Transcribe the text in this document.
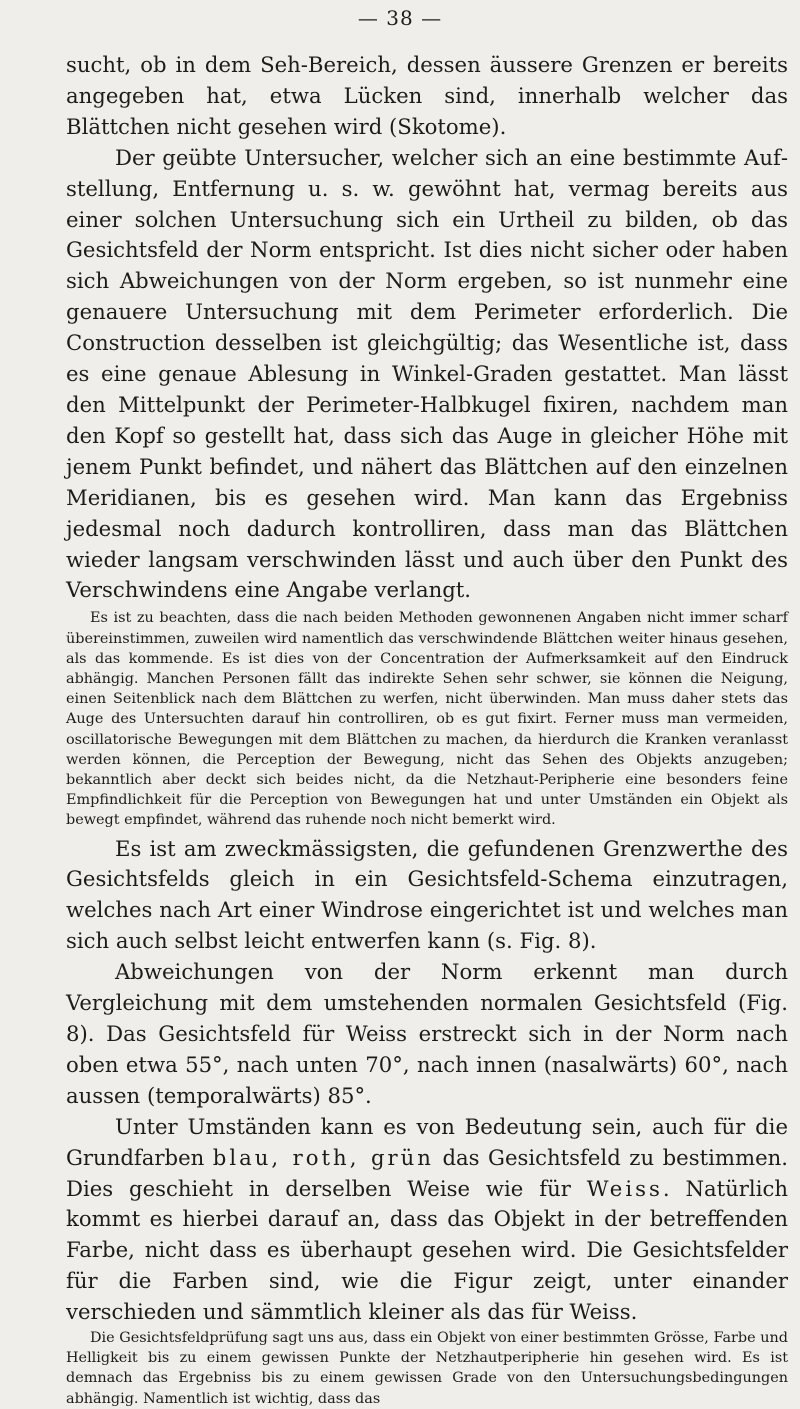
— 38 —

sucht, ob in dem Seh-Bereich, dessen äussere Grenzen er bereits angegeben hat, etwa Lücken sind, innerhalb welcher das Blättchen nicht gesehen wird (Skotome).

Der geübte Untersucher, welcher sich an eine bestimmte Aufstellung, Entfernung u. s. w. gewöhnt hat, vermag bereits aus einer solchen Untersuchung sich ein Urtheil zu bilden, ob das Gesichtsfeld der Norm entspricht. Ist dies nicht sicher oder haben sich Abweichungen von der Norm ergeben, so ist nunmehr eine genauere Untersuchung mit dem Perimeter erforderlich. Die Construction desselben ist gleichgültig; das Wesentliche ist, dass es eine genaue Ablesung in Winkel-Graden gestattet. Man lässt den Mittelpunkt der Perimeter-Halbkugel fixiren, nachdem man den Kopf so gestellt hat, dass sich das Auge in gleicher Höhe mit jenem Punkt befindet, und nähert das Blättchen auf den einzelnen Meridianen, bis es gesehen wird. Man kann das Ergebniss jedesmal noch dadurch kontrolliren, dass man das Blättchen wieder langsam verschwinden lässt und auch über den Punkt des Verschwindens eine Angabe verlangt.

Es ist zu beachten, dass die nach beiden Methoden gewonnenen Angaben nicht immer scharf übereinstimmen, zuweilen wird namentlich das verschwindende Blättchen weiter hinaus gesehen, als das kommende. Es ist dies von der Concentration der Aufmerksamkeit auf den Eindruck abhängig. Manchen Personen fällt das indirekte Sehen sehr schwer, sie können die Neigung, einen Seitenblick nach dem Blättchen zu werfen, nicht überwinden. Man muss daher stets das Auge des Untersuchten darauf hin controlliren, ob es gut fixirt. Ferner muss man vermeiden, oscillatorische Bewegungen mit dem Blättchen zu machen, da hierdurch die Kranken veranlasst werden können, die Perception der Bewegung, nicht das Sehen des Objekts anzugeben; bekanntlich aber deckt sich beides nicht, da die Netzhaut-Peripherie eine besonders feine Empfindlichkeit für die Perception von Bewegungen hat und unter Umständen ein Objekt als bewegt empfindet, während das ruhende noch nicht bemerkt wird.

Es ist am zweckmässigsten, die gefundenen Grenzwerthe des Gesichtsfelds gleich in ein Gesichtsfeld-Schema einzutragen, welches nach Art einer Windrose eingerichtet ist und welches man sich auch selbst leicht entwerfen kann (s. Fig. 8).

Abweichungen von der Norm erkennt man durch Vergleichung mit dem umstehenden normalen Gesichtsfeld (Fig. 8). Das Gesichtsfeld für Weiss erstreckt sich in der Norm nach oben etwa 55°, nach unten 70°, nach innen (nasalwärts) 60°, nach aussen (temporalwärts) 85°.

Unter Umständen kann es von Bedeutung sein, auch für die Grundfarben blau, roth, grün das Gesichtsfeld zu bestimmen. Dies geschieht in derselben Weise wie für Weiss. Natürlich kommt es hierbei darauf an, dass das Objekt in der betreffenden Farbe, nicht dass es überhaupt gesehen wird. Die Gesichtsfelder für die Farben sind, wie die Figur zeigt, unter einander verschieden und sämmtlich kleiner als das für Weiss.

Die Gesichtsfeldprüfung sagt uns aus, dass ein Objekt von einer bestimmten Grösse, Farbe und Helligkeit bis zu einem gewissen Punkte der Netzhautperipherie hin gesehen wird. Es ist demnach das Ergebniss bis zu einem gewissen Grade von den Untersuchungsbedingungen abhängig. Namentlich ist wichtig, dass das
